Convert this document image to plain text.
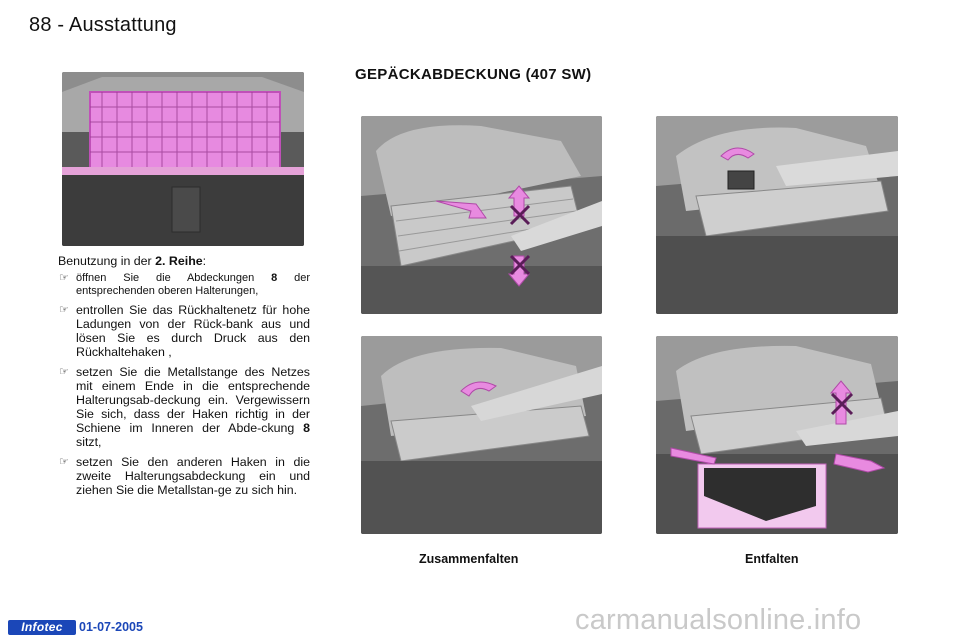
88 - Ausstattung
GEPÄCKABDECKUNG (407 SW)

Benutzung in der 2. Reihe:

☞ öffnen Sie die Abdeckungen 8 der entsprechenden oberen Halterungen,
☞ entrollen Sie das Rückhaltenetz für hohe Ladungen von der Rück-bank aus und lösen Sie es durch Druck aus den Rückhaltehaken ,
☞ setzen Sie die Metallstange des Netzes mit einem Ende in die entsprechende Halterungsab-deckung ein. Vergewissern Sie sich, dass der Haken richtig in der Schiene im Inneren der Abde-ckung 8 sitzt,
☞ setzen Sie den anderen Haken in die zweite Halterungsabdeckung ein und ziehen Sie die Metallstan-ge zu sich hin.
Zusammenfalten	Entfalten
Infotec	01-07-2005	carmanualsonline.info
